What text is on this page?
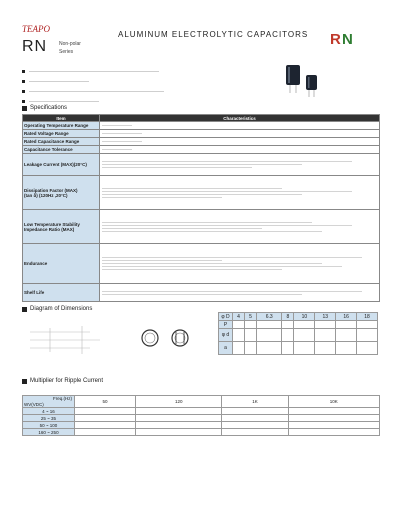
TEAPO
ALUMINUM ELECTROLYTIC CAPACITORS
RN Non-polar
Series
R N
Specifications
Item	Characteristics
Operating Temperature Range	

Rated Voltage Range	

Rated Capacitance Range	

Capacitance Tolerance	

Leakage Current (MAX)(20°C)	

Dissipation Factor (MAX)
(tan δ) (120Hz ,20°C)	

Low Temperature Stability
Impedance Ratio (MAX)	

Endurance	

Shelf Life	
Diagram of Dimensions
φ D	4	5	6.3	8	10	13	16	18
P								
φ d								
a								
Multiplier for Ripple Current
Freq.(Hz)
WV(VDC)	50	120	1K	10K
4 ~ 16				
25 ~ 35				
50 ~ 100				
160 ~ 250				
